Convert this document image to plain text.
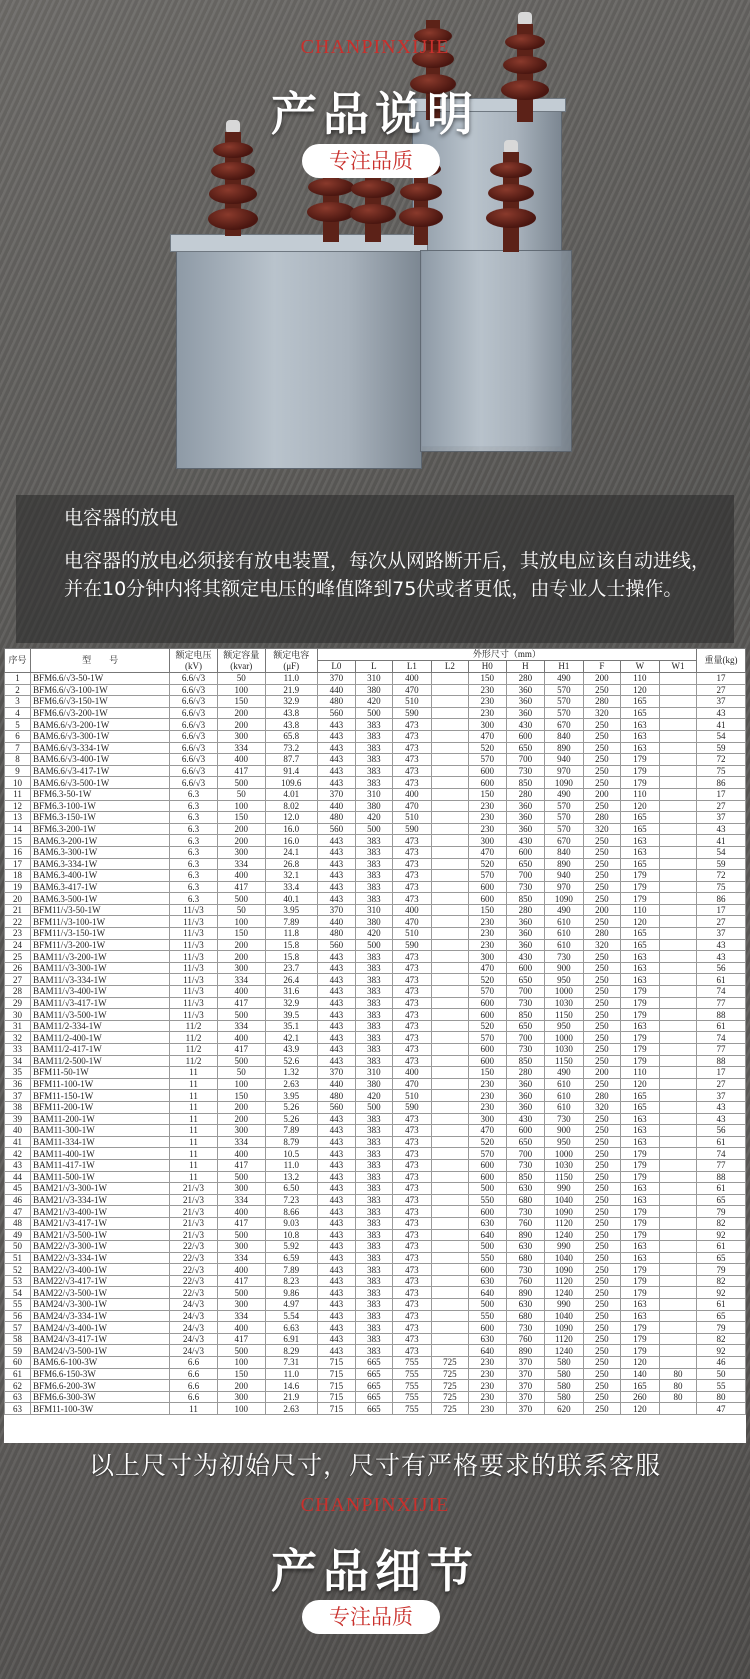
CHANPINXIJIE
产品说明
专注品质
电容器的放电
电容器的放电必须接有放电装置，每次从网路断开后，其放电应该自动进线，并在10分钟内将其额定电压的峰值降到75伏或者更低，由专业人士操作。
序号	型　　号	额定电压(kV)	额定容量(kvar)	额定电容(μF)	外形尺寸（mm）										重量(kg)
					L0	L	L1	L2	H0	H	H1	F	W	W1	
1	BFM6.6/√3-50-1W	6.6/√3	50	11.0	370	310	400		150	280	490	200	110		17
2	BFM6.6/√3-100-1W	6.6/√3	100	21.9	440	380	470		230	360	570	250	120		27
3	BFM6.6/√3-150-1W	6.6/√3	150	32.9	480	420	510		230	360	570	280	165		37
4	BFM6.6/√3-200-1W	6.6/√3	200	43.8	560	500	590		230	360	570	320	165		43
5	BAM6.6/√3-200-1W	6.6/√3	200	43.8	443	383	473		300	430	670	250	163		41
6	BAM6.6/√3-300-1W	6.6/√3	300	65.8	443	383	473		470	600	840	250	163		54
7	BAM6.6/√3-334-1W	6.6/√3	334	73.2	443	383	473		520	650	890	250	163		59
8	BAM6.6/√3-400-1W	6.6/√3	400	87.7	443	383	473		570	700	940	250	179		72
9	BAM6.6/√3-417-1W	6.6/√3	417	91.4	443	383	473		600	730	970	250	179		75
10	BAM6.6/√3-500-1W	6.6/√3	500	109.6	443	383	473		600	850	1090	250	179		86
11	BFM6.3-50-1W	6.3	50	4.01	370	310	400		150	280	490	200	110		17
12	BFM6.3-100-1W	6.3	100	8.02	440	380	470		230	360	570	250	120		27
13	BFM6.3-150-1W	6.3	150	12.0	480	420	510		230	360	570	280	165		37
14	BFM6.3-200-1W	6.3	200	16.0	560	500	590		230	360	570	320	165		43
15	BAM6.3-200-1W	6.3	200	16.0	443	383	473		300	430	670	250	163		41
16	BAM6.3-300-1W	6.3	300	24.1	443	383	473		470	600	840	250	163		54
17	BAM6.3-334-1W	6.3	334	26.8	443	383	473		520	650	890	250	165		59
18	BAM6.3-400-1W	6.3	400	32.1	443	383	473		570	700	940	250	179		72
19	BAM6.3-417-1W	6.3	417	33.4	443	383	473		600	730	970	250	179		75
20	BAM6.3-500-1W	6.3	500	40.1	443	383	473		600	850	1090	250	179		86
21	BFM11/√3-50-1W	11/√3	50	3.95	370	310	400		150	280	490	200	110		17
22	BFM11/√3-100-1W	11/√3	100	7.89	440	380	470		230	360	610	250	120		27
23	BFM11/√3-150-1W	11/√3	150	11.8	480	420	510		230	360	610	280	165		37
24	BFM11/√3-200-1W	11/√3	200	15.8	560	500	590		230	360	610	320	165		43
25	BAM11/√3-200-1W	11/√3	200	15.8	443	383	473		300	430	730	250	163		43
26	BAM11/√3-300-1W	11/√3	300	23.7	443	383	473		470	600	900	250	163		56
27	BAM11/√3-334-1W	11/√3	334	26.4	443	383	473		520	650	950	250	163		61
28	BAM11/√3-400-1W	11/√3	400	31.6	443	383	473		570	700	1000	250	179		74
29	BAM11/√3-417-1W	11/√3	417	32.9	443	383	473		600	730	1030	250	179		77
30	BAM11/√3-500-1W	11/√3	500	39.5	443	383	473		600	850	1150	250	179		88
31	BAM11/2-334-1W	11/2	334	35.1	443	383	473		520	650	950	250	163		61
32	BAM11/2-400-1W	11/2	400	42.1	443	383	473		570	700	1000	250	179		74
33	BAM11/2-417-1W	11/2	417	43.9	443	383	473		600	730	1030	250	179		77
34	BAM11/2-500-1W	11/2	500	52.6	443	383	473		600	850	1150	250	179		88
35	BFM11-50-1W	11	50	1.32	370	310	400		150	280	490	200	110		17
36	BFM11-100-1W	11	100	2.63	440	380	470		230	360	610	250	120		27
37	BFM11-150-1W	11	150	3.95	480	420	510		230	360	610	280	165		37
38	BFM11-200-1W	11	200	5.26	560	500	590		230	360	610	320	165		43
39	BAM11-200-1W	11	200	5.26	443	383	473		300	430	730	250	163		43
40	BAM11-300-1W	11	300	7.89	443	383	473		470	600	900	250	163		56
41	BAM11-334-1W	11	334	8.79	443	383	473		520	650	950	250	163		61
42	BAM11-400-1W	11	400	10.5	443	383	473		570	700	1000	250	179		74
43	BAM11-417-1W	11	417	11.0	443	383	473		600	730	1030	250	179		77
44	BAM11-500-1W	11	500	13.2	443	383	473		600	850	1150	250	179		88
45	BAM21/√3-300-1W	21/√3	300	6.50	443	383	473		500	630	990	250	163		61
46	BAM21/√3-334-1W	21/√3	334	7.23	443	383	473		550	680	1040	250	163		65
47	BAM21/√3-400-1W	21/√3	400	8.66	443	383	473		600	730	1090	250	179		79
48	BAM21/√3-417-1W	21/√3	417	9.03	443	383	473		630	760	1120	250	179		82
49	BAM21/√3-500-1W	21/√3	500	10.8	443	383	473		640	890	1240	250	179		92
50	BAM22/√3-300-1W	22/√3	300	5.92	443	383	473		500	630	990	250	163		61
51	BAM22/√3-334-1W	22/√3	334	6.59	443	383	473		550	680	1040	250	163		65
52	BAM22/√3-400-1W	22/√3	400	7.89	443	383	473		600	730	1090	250	179		79
53	BAM22/√3-417-1W	22/√3	417	8.23	443	383	473		630	760	1120	250	179		82
54	BAM22/√3-500-1W	22/√3	500	9.86	443	383	473		640	890	1240	250	179		92
55	BAM24/√3-300-1W	24/√3	300	4.97	443	383	473		500	630	990	250	163		61
56	BAM24/√3-334-1W	24/√3	334	5.54	443	383	473		550	680	1040	250	163		65
57	BAM24/√3-400-1W	24/√3	400	6.63	443	383	473		600	730	1090	250	179		79
58	BAM24/√3-417-1W	24/√3	417	6.91	443	383	473		630	760	1120	250	179		82
59	BAM24/√3-500-1W	24/√3	500	8.29	443	383	473		640	890	1240	250	179		92
60	BAM6.6-100-3W	6.6	100	7.31	715	665	755	725	230	370	580	250	120		46
61	BFM6.6-150-3W	6.6	150	11.0	715	665	755	725	230	370	580	250	140	80	50
62	BFM6.6-200-3W	6.6	200	14.6	715	665	755	725	230	370	580	250	165	80	55
63	BFM6.6-300-3W	6.6	300	21.9	715	665	755	725	230	370	580	250	260	80	80
63	BFM11-100-3W	11	100	2.63	715	665	755	725	230	370	620	250	120		47
以上尺寸为初始尺寸，尺寸有严格要求的联系客服
CHANPINXIJIE
产品细节
专注品质
